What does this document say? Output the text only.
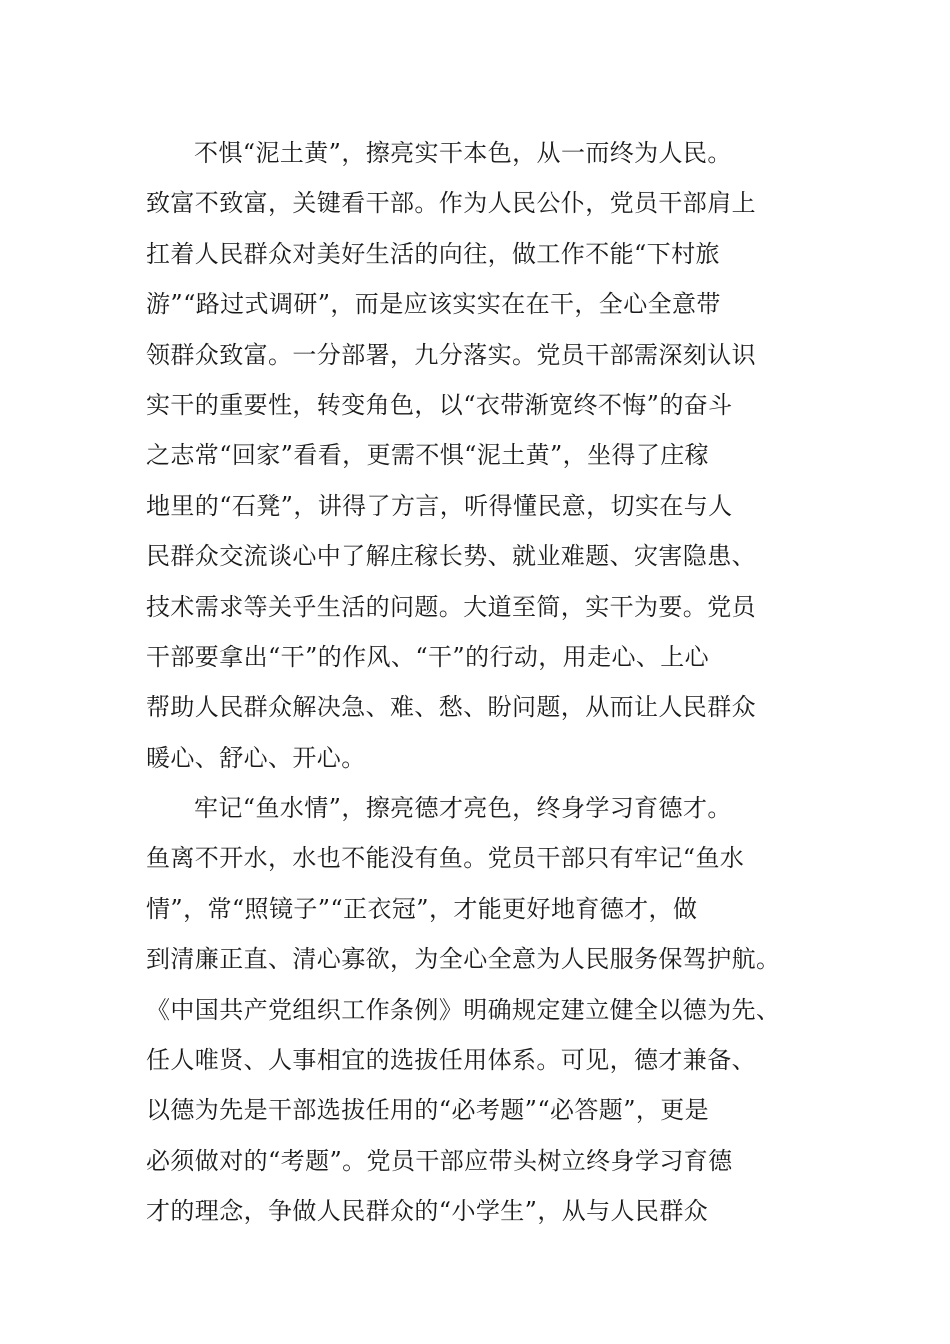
不惧“泥土黄”，擦亮实干本色，从一而终为人民。
致富不致富，关键看干部。作为人民公仆，党员干部肩上
扛着人民群众对美好生活的向往，做工作不能“下村旅
游”“路过式调研”，而是应该实实在在干，全心全意带
领群众致富。一分部署，九分落实。党员干部需深刻认识
实干的重要性，转变角色，以“衣带渐宽终不悔”的奋斗
之志常“回家”看看，更需不惧“泥土黄”，坐得了庄稼
地里的“石凳”，讲得了方言，听得懂民意，切实在与人
民群众交流谈心中了解庄稼长势、就业难题、灾害隐患、
技术需求等关乎生活的问题。大道至简，实干为要。党员
干部要拿出“干”的作风、“干”的行动，用走心、上心
帮助人民群众解决急、难、愁、盼问题，从而让人民群众
暖心、舒心、开心。
牢记“鱼水情”，擦亮德才亮色，终身学习育德才。
鱼离不开水，水也不能没有鱼。党员干部只有牢记“鱼水
情”，常“照镜子”“正衣冠”，才能更好地育德才，做
到清廉正直、清心寡欲，为全心全意为人民服务保驾护航。
《中国共产党组织工作条例》明确规定建立健全以德为先、
任人唯贤、人事相宜的选拔任用体系。可见，德才兼备、
以德为先是干部选拔任用的“必考题”“必答题”，更是
必须做对的“考题”。党员干部应带头树立终身学习育德
才的理念，争做人民群众的“小学生”，从与人民群众
